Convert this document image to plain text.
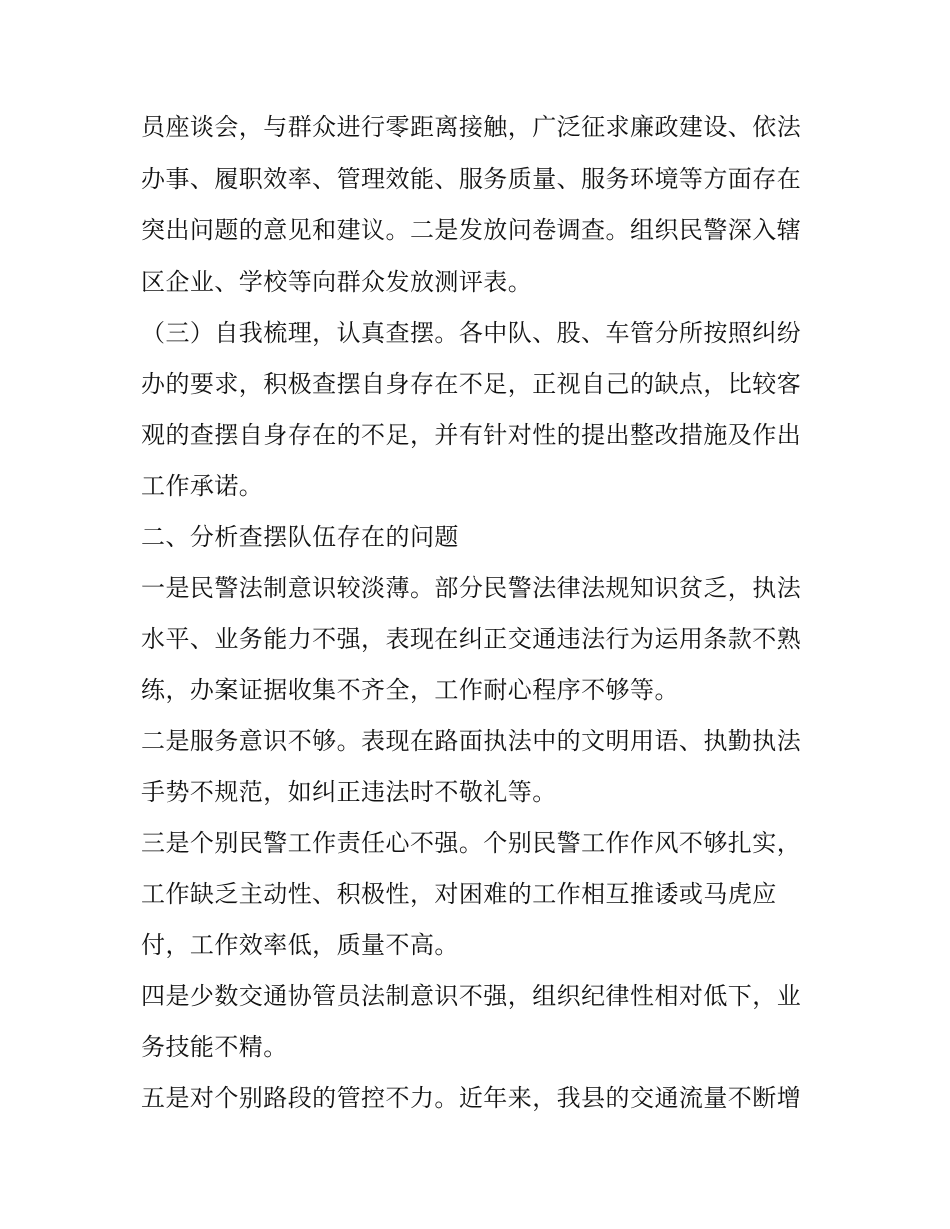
员座谈会，与群众进行零距离接触，广泛征求廉政建设、依法
办事、履职效率、管理效能、服务质量、服务环境等方面存在
突出问题的意见和建议。二是发放问卷调查。组织民警深入辖
区企业、学校等向群众发放测评表。
（三）自我梳理，认真查摆。各中队、股、车管分所按照纠纷
办的要求，积极查摆自身存在不足，正视自己的缺点，比较客
观的查摆自身存在的不足，并有针对性的提出整改措施及作出
工作承诺。
二、分析查摆队伍存在的问题
一是民警法制意识较淡薄。部分民警法律法规知识贫乏，执法
水平、业务能力不强，表现在纠正交通违法行为运用条款不熟
练，办案证据收集不齐全，工作耐心程序不够等。
二是服务意识不够。表现在路面执法中的文明用语、执勤执法
手势不规范，如纠正违法时不敬礼等。
三是个别民警工作责任心不强。个别民警工作作风不够扎实，
工作缺乏主动性、积极性，对困难的工作相互推诿或马虎应
付，工作效率低，质量不高。
四是少数交通协管员法制意识不强，组织纪律性相对低下，业
务技能不精。
五是对个别路段的管控不力。近年来，我县的交通流量不断增
